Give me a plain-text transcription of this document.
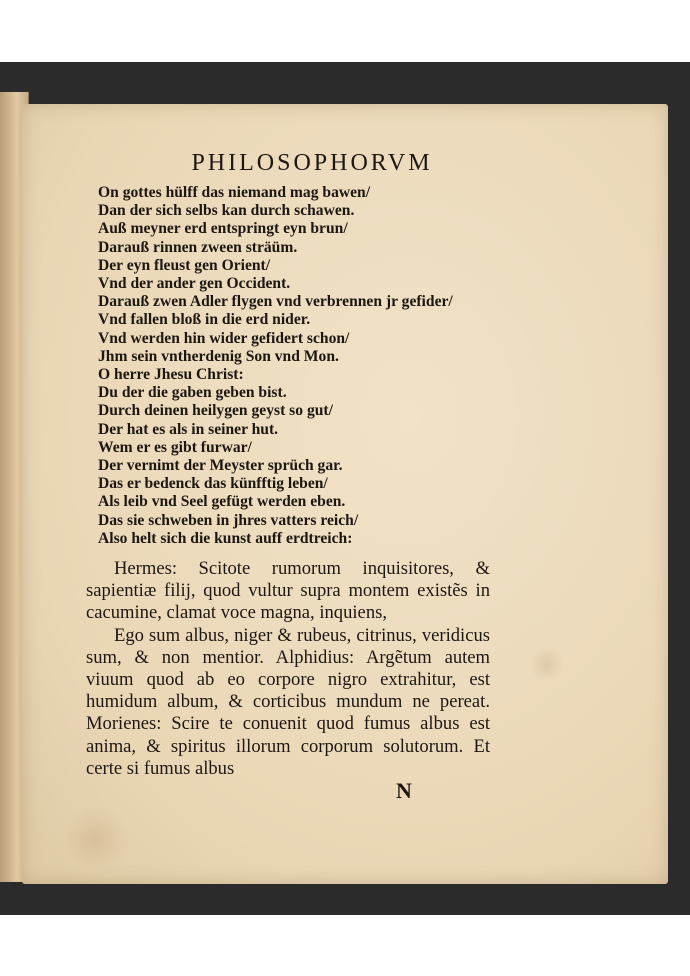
PHILOSOPHORVM
On gottes hülff das niemand mag bawen/
Dan der sich selbs kan durch schawen.
Auß meyner erd entspringt eyn brun/
Darauß rinnen zween sträüm.
Der eyn fleust gen Orient/
Vnd der ander gen Occident.
Darauß zwen Adler flygen vnd verbrennen jr gefider/
Vnd fallen bloß in die erd nider.
Vnd werden hin wider gefidert schon/
Jhm sein vntherdenig Son vnd Mon.
O herre Jhesu Christ:
Du der die gaben geben bist.
Durch deinen heilygen geyst so gut/
Der hat es als in seiner hut.
Wem er es gibt furwar/
Der vernimt der Meyster sprüch gar.
Das er bedenck das künfftig leben/
Als leib vnd Seel gefügt werden eben.
Das sie schweben in jhres vatters reich/
Also helt sich die kunst auff erdtreich:

Hermes: Scitote rumorum inquisitores, & sapientiæ filij, quod vultur supra montem existẽs in cacumine, clamat voce magna, inquiens,

Ego sum albus, niger & rubeus, citrinus, veridicus sum, & non mentior. Alphidius: Argẽtum autem viuum quod ab eo corpore nigro extrahitur, est humidum album, & corticibus mundum ne pereat. Morienes: Scire te conuenit quod fumus albus est anima, & spiritus illorum corporum solutorum. Et certe si fumus albus

N
